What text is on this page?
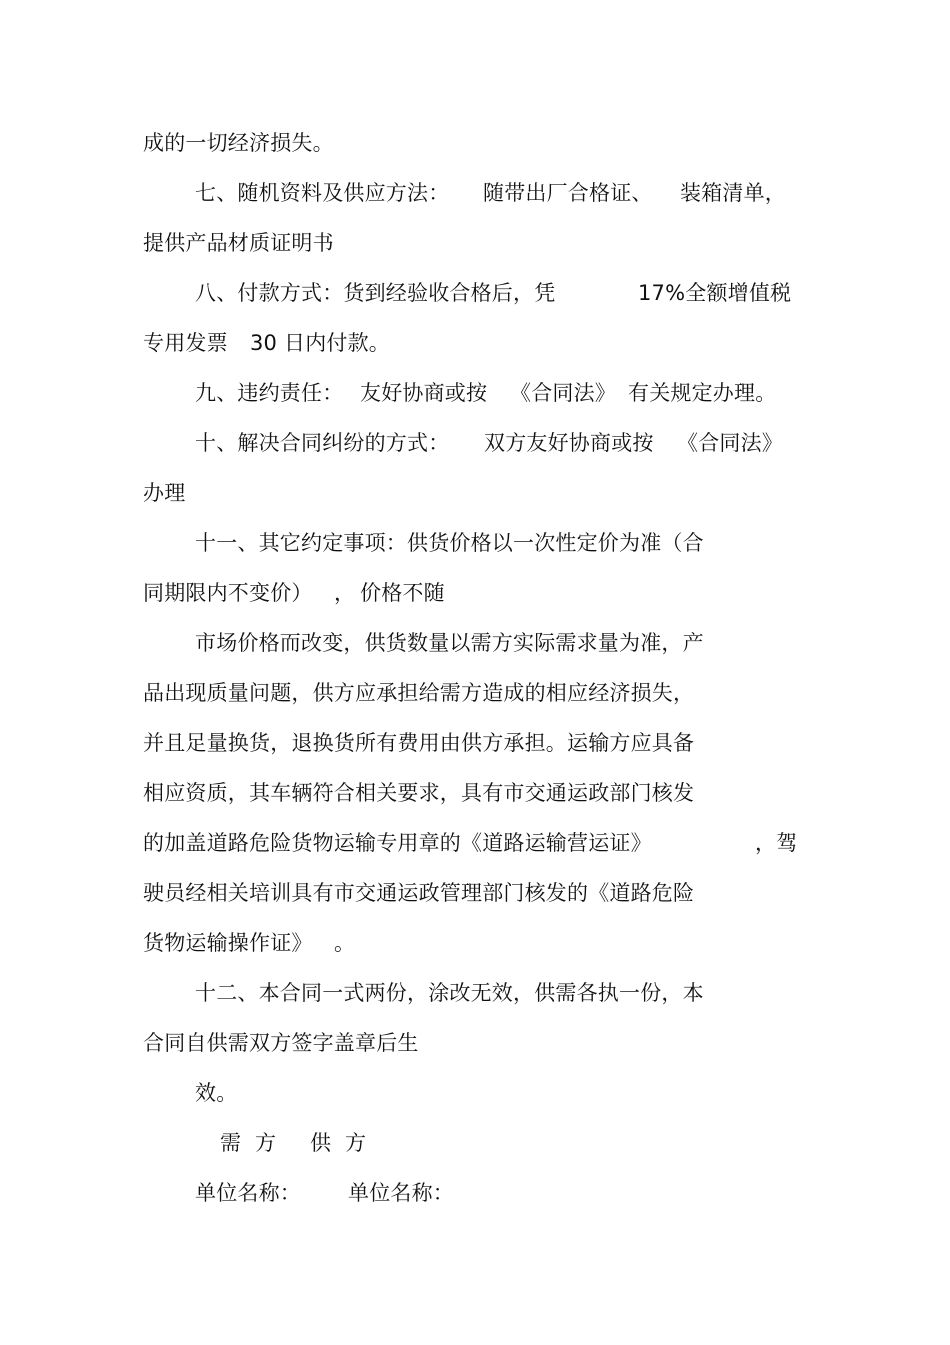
成的一切经济损失。
七、随机资料及供应方法： 随带出厂合格证、 装箱清单，
提供产品材质证明书
八、付款方式：货到经验收合格后，凭	17%全额增值税
专用发票 30 日内付款。
九、违约责任： 友好协商或按 《合同法》 有关规定办理。
十、解决合同纠纷的方式： 双方友好协商或按 《合同法》
办理
十一、其它约定事项：供货价格以一次性定价为准（合
同期限内不变价） ， 价格不随
市场价格而改变，供货数量以需方实际需求量为准，产
品出现质量问题，供方应承担给需方造成的相应经济损失，
并且足量换货，退换货所有费用由供方承担。运输方应具备
相应资质，其车辆符合相关要求，具有市交通运政部门核发
的加盖道路危险货物运输专用章的《道路运输营运证》	，驾
驶员经相关培训具有市交通运政管理部门核发的《道路危险
货物运输操作证》 。
十二、本合同一式两份，涂改无效，供需各执一份，本
合同自供需双方签字盖章后生
效。
需  方 供  方
单位名称： 单位名称：
